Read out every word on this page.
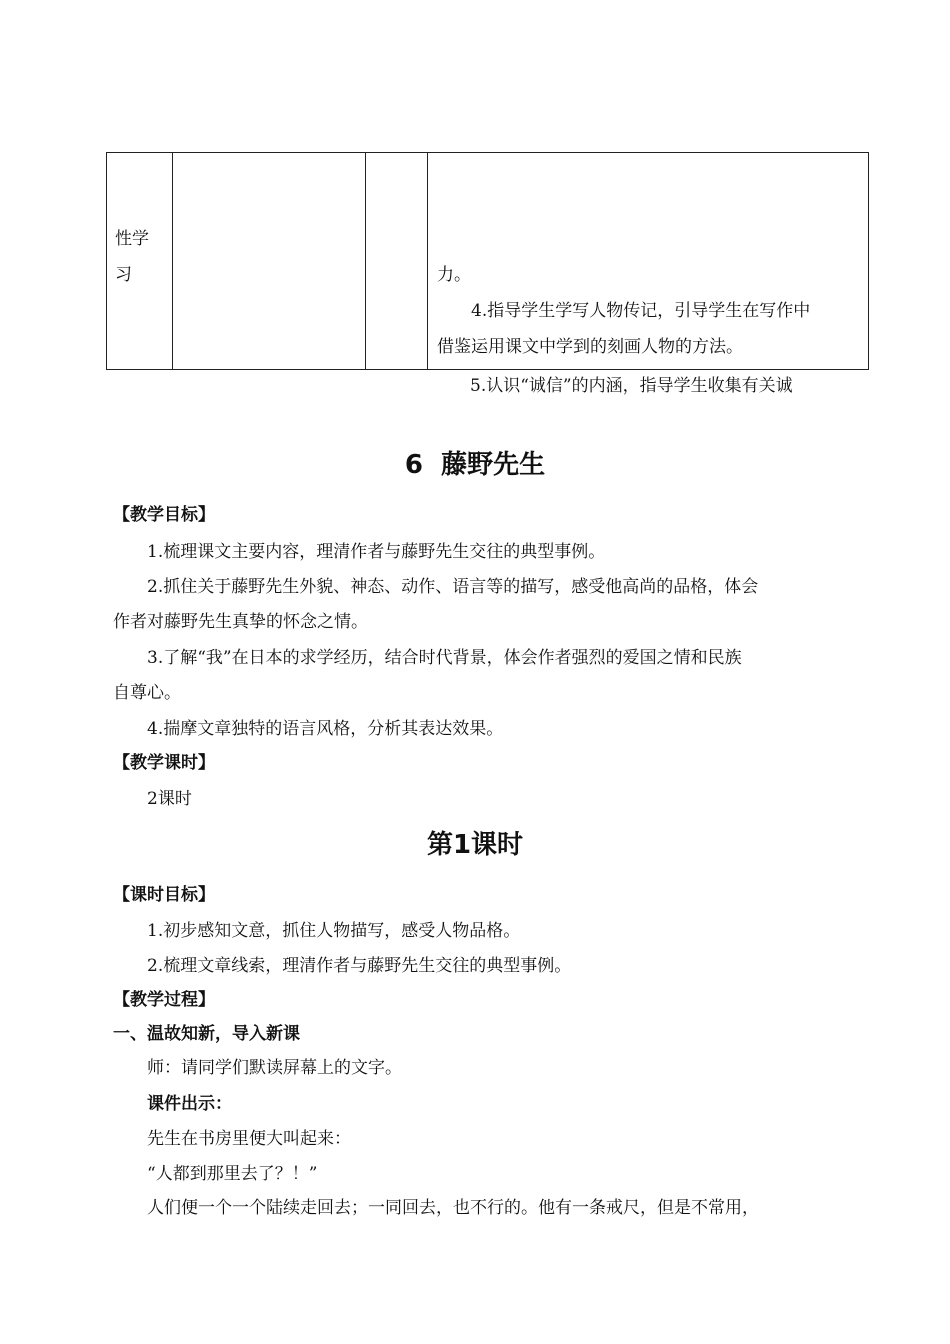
性学
习			力。
　　4.指导学生学写人物传记，引导学生在写作中
借鉴运用课文中学到的刻画人物的方法。
5.认识“诚信”的内涵，指导学生收集有关诚
6  藤野先生
【教学目标】
1.梳理课文主要内容，理清作者与藤野先生交往的典型事例。
2.抓住关于藤野先生外貌、神态、动作、语言等的描写，感受他高尚的品格，体会
作者对藤野先生真挚的怀念之情。
3.了解“我”在日本的求学经历，结合时代背景，体会作者强烈的爱国之情和民族
自尊心。
4.揣摩文章独特的语言风格，分析其表达效果。
【教学课时】
2课时
第1课时
【课时目标】
1.初步感知文意，抓住人物描写，感受人物品格。
2.梳理文章线索，理清作者与藤野先生交往的典型事例。
【教学过程】
一、温故知新，导入新课
师：请同学们默读屏幕上的文字。
课件出示：
先生在书房里便大叫起来：
“人都到那里去了？！”
人们便一个一个陆续走回去；一同回去，也不行的。他有一条戒尺，但是不常用，
